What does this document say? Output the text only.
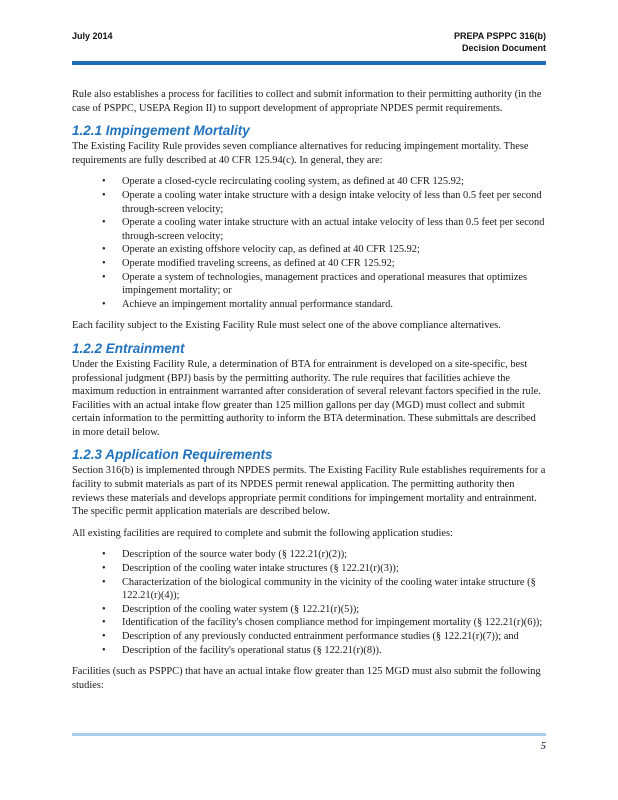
July 2014	PREPA PSPPC 316(b)
Decision Document

Rule also establishes a process for facilities to collect and submit information to their permitting authority (in the case of PSPPC, USEPA Region II) to support development of appropriate NPDES permit requirements.

1.2.1 Impingement Mortality

The Existing Facility Rule provides seven compliance alternatives for reducing impingement mortality. These requirements are fully described at 40 CFR 125.94(c). In general, they are:

• Operate a closed-cycle recirculating cooling system, as defined at 40 CFR 125.92;
• Operate a cooling water intake structure with a design intake velocity of less than 0.5 feet per second through-screen velocity;
• Operate a cooling water intake structure with an actual intake velocity of less than 0.5 feet per second through-screen velocity;
• Operate an existing offshore velocity cap, as defined at 40 CFR 125.92;
• Operate modified traveling screens, as defined at 40 CFR 125.92;
• Operate a system of technologies, management practices and operational measures that optimizes impingement mortality; or
• Achieve an impingement mortality annual performance standard.

Each facility subject to the Existing Facility Rule must select one of the above compliance alternatives.

1.2.2 Entrainment

Under the Existing Facility Rule, a determination of BTA for entrainment is developed on a site-specific, best professional judgment (BPJ) basis by the permitting authority. The rule requires that facilities achieve the maximum reduction in entrainment warranted after consideration of several relevant factors specified in the rule. Facilities with an actual intake flow greater than 125 million gallons per day (MGD) must collect and submit certain information to the permitting authority to inform the BTA determination. These submittals are described in more detail below.

1.2.3 Application Requirements

Section 316(b) is implemented through NPDES permits. The Existing Facility Rule establishes requirements for a facility to submit materials as part of its NPDES permit renewal application. The permitting authority then reviews these materials and develops appropriate permit conditions for impingement mortality and entrainment. The specific permit application materials are described below.

All existing facilities are required to complete and submit the following application studies:

• Description of the source water body (§ 122.21(r)(2));
• Description of the cooling water intake structures (§ 122.21(r)(3));
• Characterization of the biological community in the vicinity of the cooling water intake structure (§ 122.21(r)(4));
• Description of the cooling water system (§ 122.21(r)(5));
• Identification of the facility's chosen compliance method for impingement mortality (§ 122.21(r)(6));
• Description of any previously conducted entrainment performance studies (§ 122.21(r)(7)); and
• Description of the facility's operational status (§ 122.21(r)(8)).

Facilities (such as PSPPC) that have an actual intake flow greater than 125 MGD must also submit the following studies:

5
